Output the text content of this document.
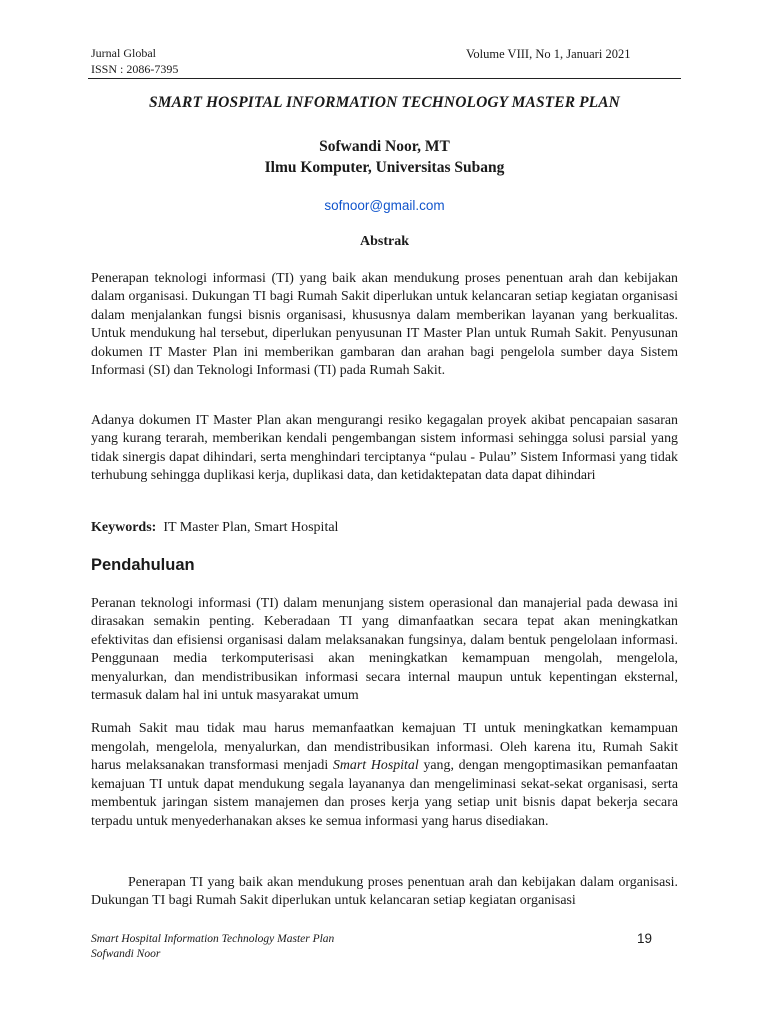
Jurnal Global
ISSN : 2086-7395
Volume VIII, No 1, Januari 2021
SMART HOSPITAL INFORMATION TECHNOLOGY MASTER PLAN
Sofwandi Noor, MT
Ilmu Komputer, Universitas Subang
sofnoor@gmail.com
Abstrak

Penerapan teknologi informasi (TI) yang baik akan mendukung proses penentuan arah dan kebijakan dalam organisasi. Dukungan TI bagi Rumah Sakit diperlukan untuk kelancaran setiap kegiatan organisasi dalam menjalankan fungsi bisnis organisasi, khususnya dalam memberikan layanan yang berkualitas. Untuk mendukung hal tersebut, diperlukan penyusunan IT Master Plan untuk Rumah Sakit. Penyusunan dokumen IT Master Plan ini memberikan gambaran dan arahan bagi pengelola sumber daya Sistem Informasi (SI) dan Teknologi Informasi (TI) pada Rumah Sakit.

Adanya dokumen IT Master Plan akan mengurangi resiko kegagalan proyek akibat pencapaian sasaran yang kurang terarah, memberikan kendali pengembangan sistem informasi sehingga solusi parsial yang tidak sinergis dapat dihindari, serta menghindari terciptanya “pulau - Pulau” Sistem Informasi yang tidak terhubung sehingga duplikasi kerja, duplikasi data, dan ketidaktepatan data dapat dihindari

Keywords: IT Master Plan, Smart Hospital
Pendahuluan

Peranan teknologi informasi (TI) dalam menunjang sistem operasional dan manajerial pada dewasa ini dirasakan semakin penting. Keberadaan TI yang dimanfaatkan secara tepat akan meningkatkan efektivitas dan efisiensi organisasi dalam melaksanakan fungsinya, dalam bentuk pengelolaan informasi. Penggunaan media terkomputerisasi akan meningkatkan kemampuan mengolah, mengelola, menyalurkan, dan mendistribusikan informasi secara internal maupun untuk kepentingan eksternal, termasuk dalam hal ini untuk masyarakat umum

Rumah Sakit mau tidak mau harus memanfaatkan kemajuan TI untuk meningkatkan kemampuan mengolah, mengelola, menyalurkan, dan mendistribusikan informasi. Oleh karena itu, Rumah Sakit harus melaksanakan transformasi menjadi Smart Hospital yang, dengan mengoptimasikan pemanfaatan kemajuan TI untuk dapat mendukung segala layananya dan mengeliminasi sekat-sekat organisasi, serta membentuk jaringan sistem manajemen dan proses kerja yang setiap unit bisnis dapat bekerja secara terpadu untuk menyederhanakan akses ke semua informasi yang harus disediakan.

Penerapan TI yang baik akan mendukung proses penentuan arah dan kebijakan dalam organisasi. Dukungan TI bagi Rumah Sakit diperlukan untuk kelancaran setiap kegiatan organisasi

Smart Hospital Information Technology Master Plan
Sofwandi Noor
19
